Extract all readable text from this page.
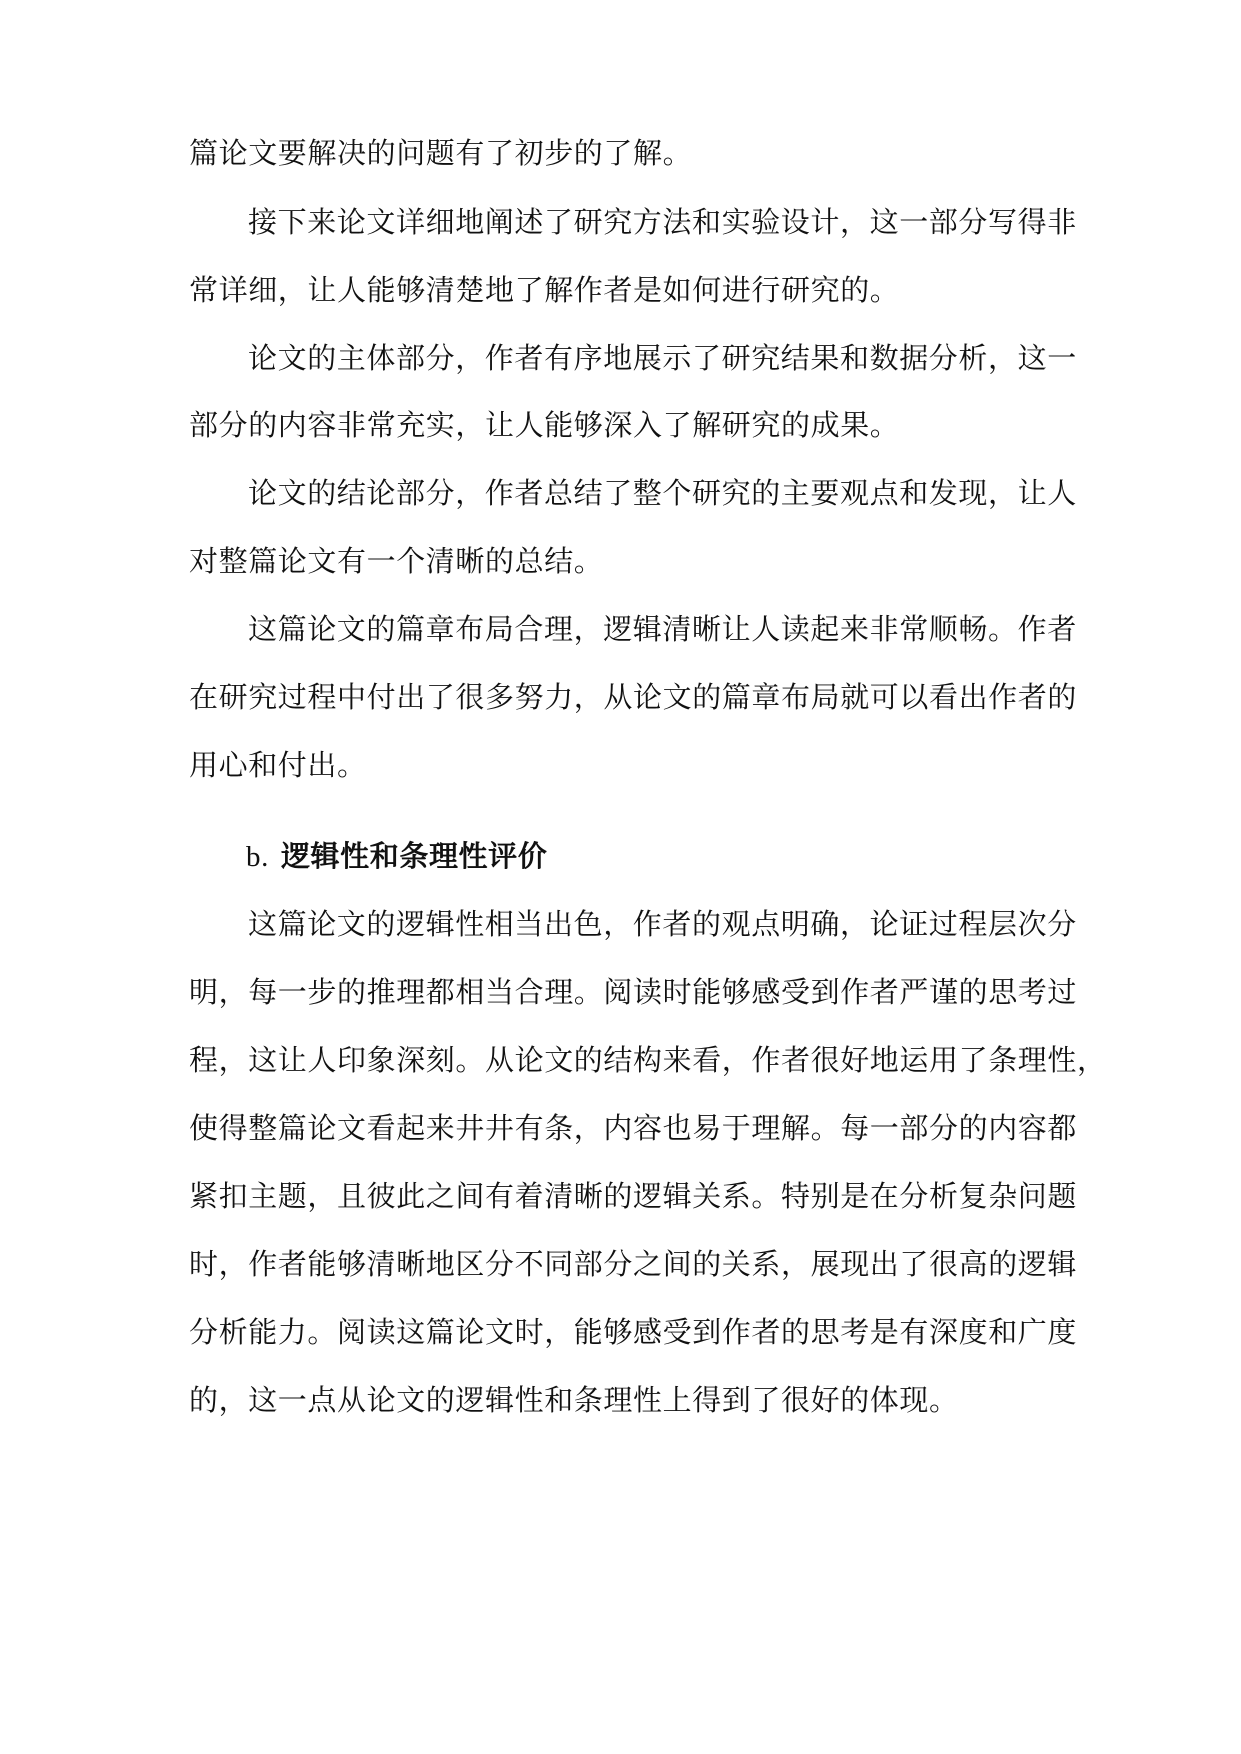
篇论文要解决的问题有了初步的了解。
接下来论文详细地阐述了研究方法和实验设计，这一部分写得非
常详细，让人能够清楚地了解作者是如何进行研究的。
论文的主体部分，作者有序地展示了研究结果和数据分析，这一
部分的内容非常充实，让人能够深入了解研究的成果。
论文的结论部分，作者总结了整个研究的主要观点和发现，让人
对整篇论文有一个清晰的总结。
这篇论文的篇章布局合理，逻辑清晰让人读起来非常顺畅。作者
在研究过程中付出了很多努力，从论文的篇章布局就可以看出作者的
用心和付出。
b. 逻辑性和条理性评价
这篇论文的逻辑性相当出色，作者的观点明确，论证过程层次分
明，每一步的推理都相当合理。阅读时能够感受到作者严谨的思考过
程，这让人印象深刻。从论文的结构来看，作者很好地运用了条理性，
使得整篇论文看起来井井有条，内容也易于理解。每一部分的内容都
紧扣主题，且彼此之间有着清晰的逻辑关系。特别是在分析复杂问题
时，作者能够清晰地区分不同部分之间的关系，展现出了很高的逻辑
分析能力。阅读这篇论文时，能够感受到作者的思考是有深度和广度
的，这一点从论文的逻辑性和条理性上得到了很好的体现。
